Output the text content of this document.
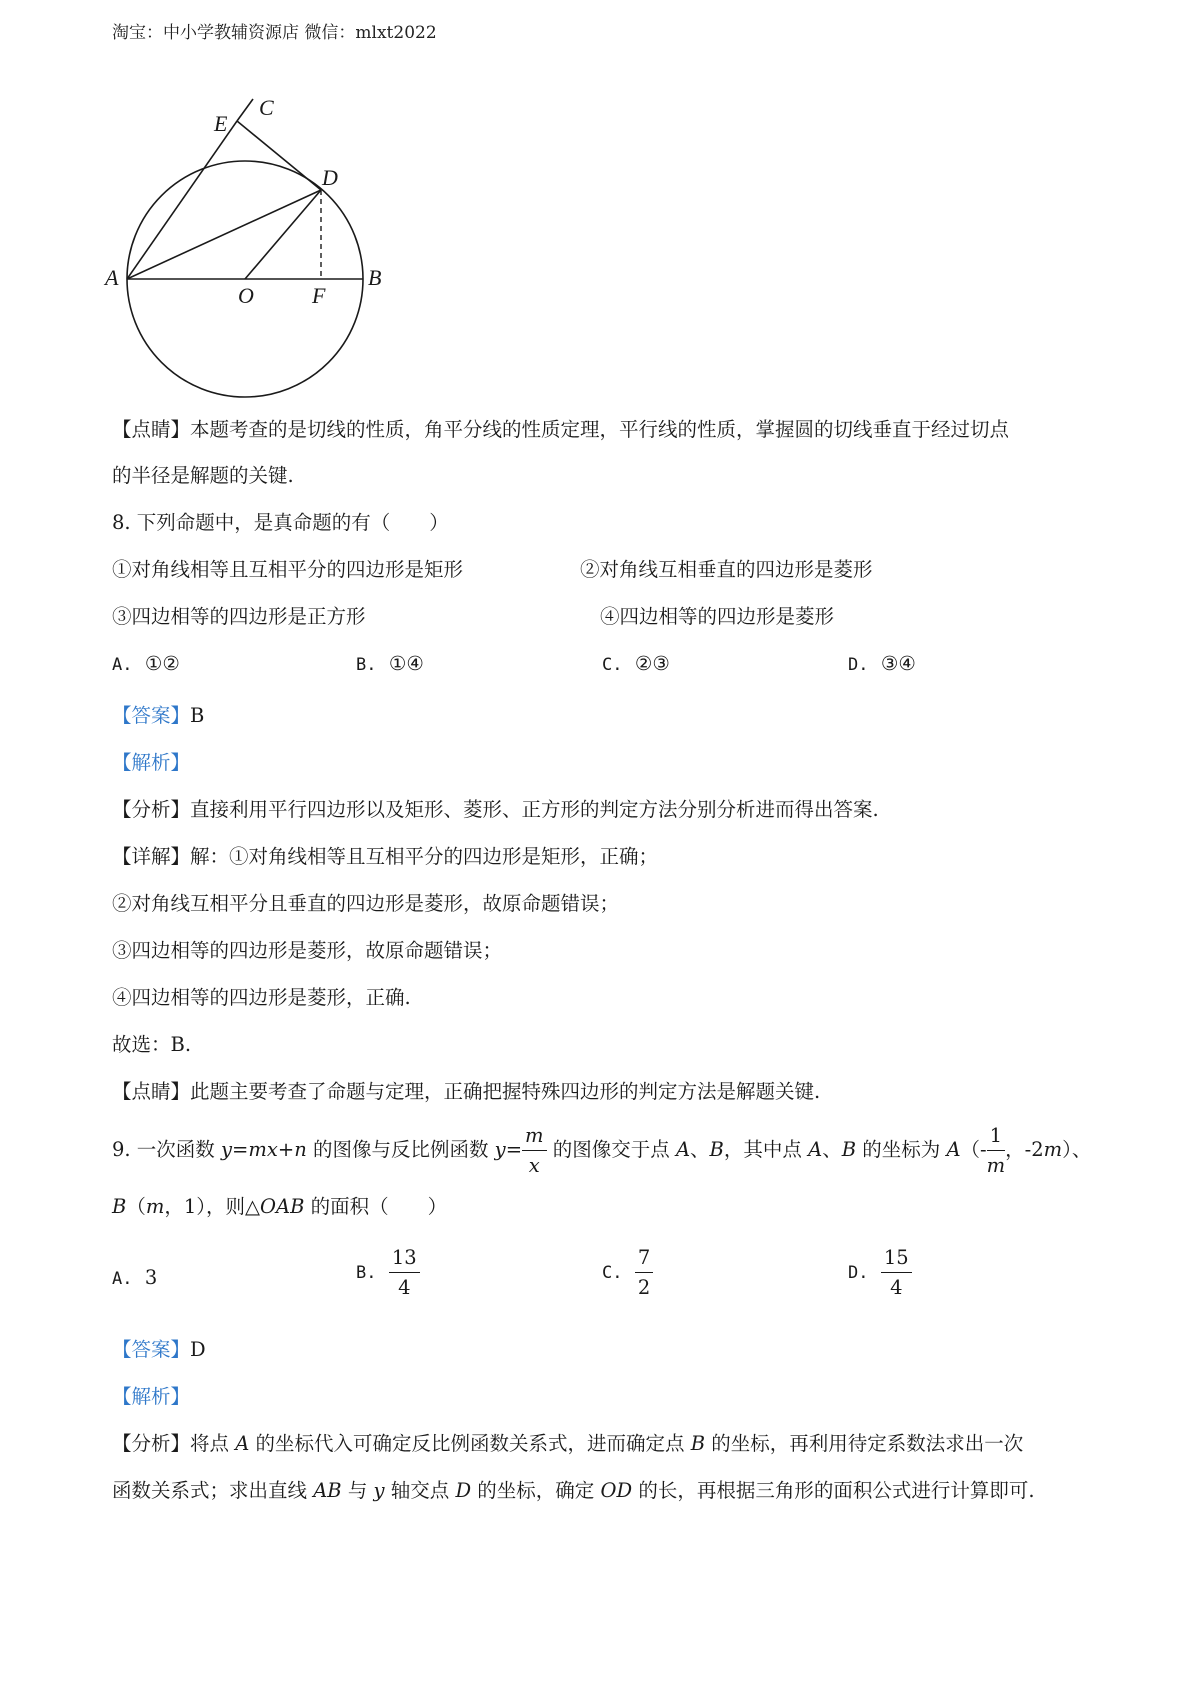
淘宝：中小学教辅资源店 微信：mlxt2022
E
C
D
A
O	F
B
【点睛】本题考查的是切线的性质，角平分线的性质定理，平行线的性质，掌握圆的切线垂直于经过切点
的半径是解题的关键.
8. 下列命题中，是真命题的有（　　）
①对角线相等且互相平分的四边形是矩形	②对角线互相垂直的四边形是菱形
③四边相等的四边形是正方形	④四边相等的四边形是菱形
A. ①②	B. ①④	C. ②③	D. ③④
【答案】B
【解析】
【分析】直接利用平行四边形以及矩形、菱形、正方形的判定方法分别分析进而得出答案.
【详解】解：①对角线相等且互相平分的四边形是矩形，正确；
②对角线互相平分且垂直的四边形是菱形，故原命题错误；
③四边相等的四边形是菱形，故原命题错误；
④四边相等的四边形是菱形，正确.
故选：B.
【点睛】此题主要考查了命题与定理，正确把握特殊四边形的判定方法是解题关键.
9. 一次函数 y=mx+n 的图像与反比例函数 $y= \frac{m}{x}$ 的图像交于点 A、B，其中点 A、B 的坐标为 $A(- \frac{1}{m}$ ，-2m）、
B（m，1），则△OAB 的面积（　　）
A. 3	B. $\frac{13}{4}$	C. $\frac{7}{2}$	D. $\frac{15}{4}$
【答案】D
【解析】
【分析】将点 A 的坐标代入可确定反比例函数关系式，进而确定点 B 的坐标，再利用待定系数法求出一次
函数关系式；求出直线 AB 与 y 轴交点 D 的坐标，确定 OD 的长，再根据三角形的面积公式进行计算即可.
